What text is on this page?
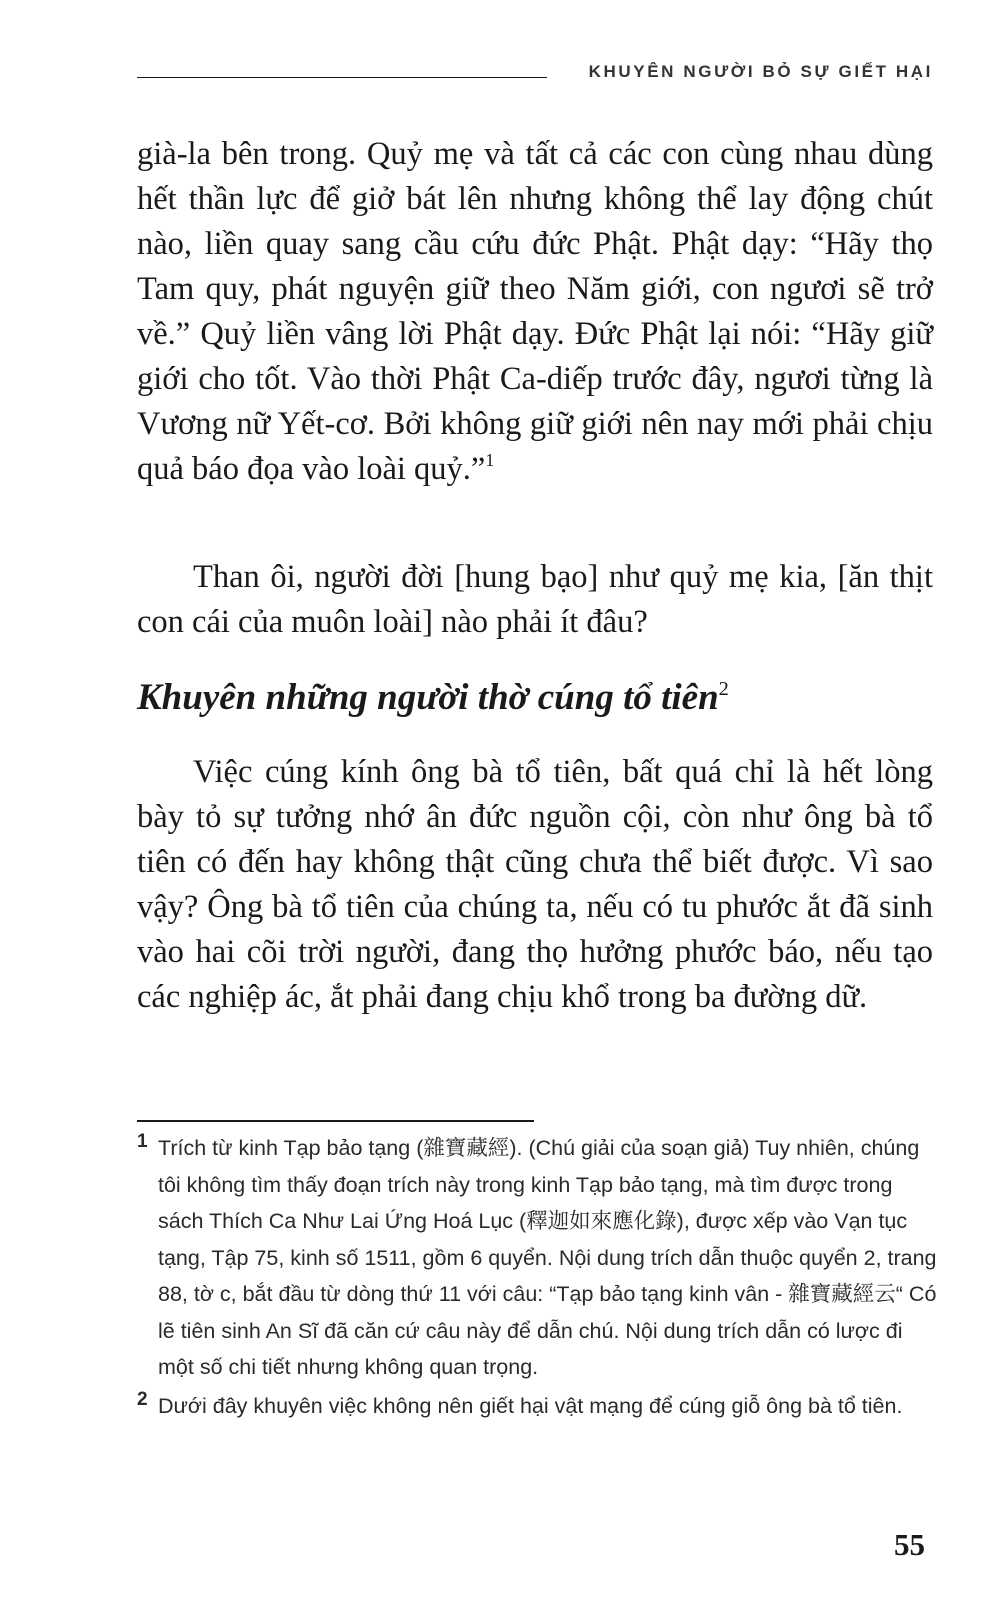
KHUYÊN NGƯỜI BỎ SỰ GIẾT HẠI
già-la bên trong. Quỷ mẹ và tất cả các con cùng nhau dùng hết thần lực để giở bát lên nhưng không thể lay động chút nào, liền quay sang cầu cứu đức Phật. Phật dạy: “Hãy thọ Tam quy, phát nguyện giữ theo Năm giới, con ngươi sẽ trở về.” Quỷ liền vâng lời Phật dạy. Đức Phật lại nói: “Hãy giữ giới cho tốt. Vào thời Phật Ca-diếp trước đây, ngươi từng là Vương nữ Yết-cơ. Bởi không giữ giới nên nay mới phải chịu quả báo đọa vào loài quỷ.”$^1$
Than ôi, người đời [hung bạo] như quỷ mẹ kia, [ăn thịt con cái của muôn loài] nào phải ít đâu?
Khuyên những người thờ cúng tổ tiên$^2$
Việc cúng kính ông bà tổ tiên, bất quá chỉ là hết lòng bày tỏ sự tưởng nhớ ân đức nguồn cội, còn như ông bà tổ tiên có đến hay không thật cũng chưa thể biết được. Vì sao vậy? Ông bà tổ tiên của chúng ta, nếu có tu phước ắt đã sinh vào hai cõi trời người, đang thọ hưởng phước báo, nếu tạo các nghiệp ác, ắt phải đang chịu khổ trong ba đường dữ.
1 Trích từ kinh Tạp bảo tạng (雜寶藏經). (Chú giải của soạn giả) Tuy nhiên, chúng tôi không tìm thấy đoạn trích này trong kinh Tạp bảo tạng, mà tìm được trong sách Thích Ca Như Lai Ứng Hoá Lục (釋迦如來應化錄), được xếp vào Vạn tục tạng, Tập 75, kinh số 1511, gồm 6 quyển. Nội dung trích dẫn thuộc quyển 2, trang 88, tờ c, bắt đầu từ dòng thứ 11 với câu: “Tạp bảo tạng kinh vân - 雜寶藏經云“ Có lẽ tiên sinh An Sĩ đã căn cứ câu này để dẫn chú. Nội dung trích dẫn có lược đi một số chi tiết nhưng không quan trọng.
2 Dưới đây khuyên việc không nên giết hại vật mạng để cúng giỗ ông bà tổ tiên.
55
